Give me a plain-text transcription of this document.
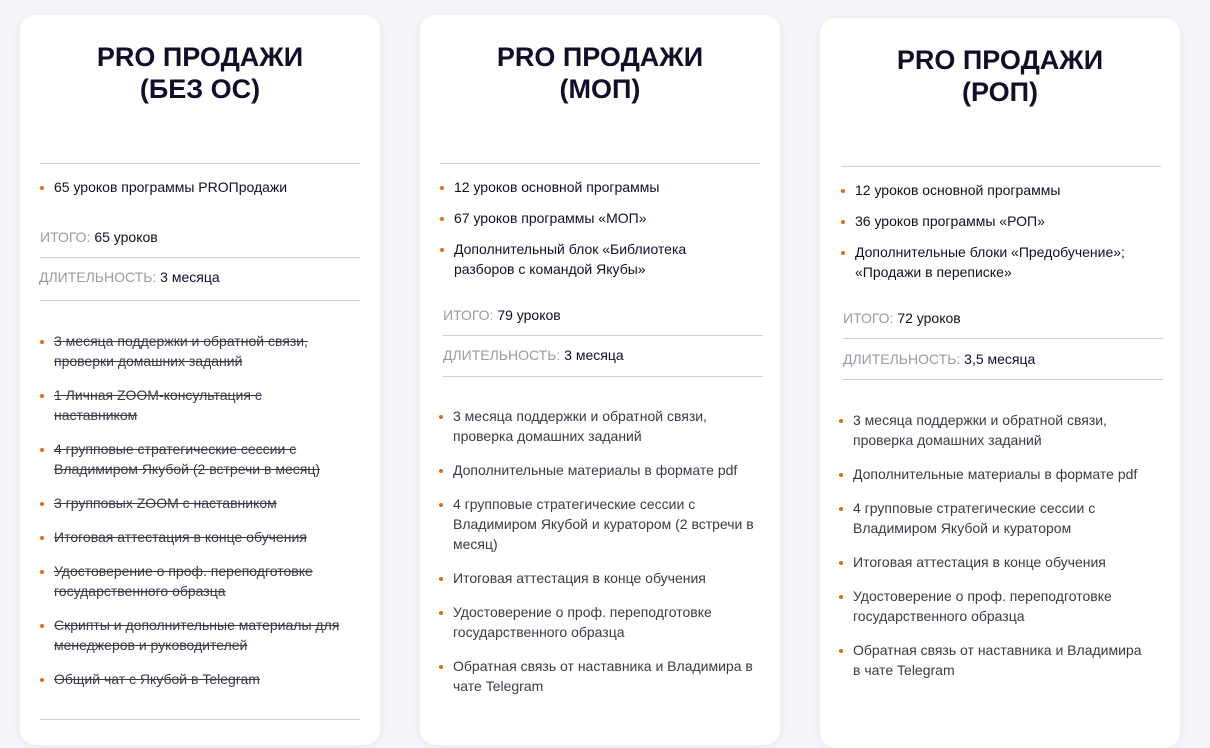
PRO ПРОДАЖИ
(БЕЗ ОС)
65 уроков программы PROПродажи
ИТОГО: 65 уроков
ДЛИТЕЛЬНОСТЬ: 3 месяца
3 месяца поддержки и обратной связи, проверки домашних заданий
1 Личная ZOOM-консультация с наставником
4 групповые стратегические сессии с Владимиром Якубой (2 встречи в месяц)
3 групповых ZOOM с наставником
Итоговая аттестация в конце обучения
Удостоверение о проф. переподготовке государственного образца
Скрипты и дополнительные материалы для менеджеров и руководителей
Общий чат с Якубой в Telegram
PRO ПРОДАЖИ
(МОП)
12 уроков основной программы
67 уроков программы «МОП»
Дополнительный блок «Библиотека разборов с командой Якубы»
ИТОГО: 79 уроков
ДЛИТЕЛЬНОСТЬ: 3 месяца
3 месяца поддержки и обратной связи, проверка домашних заданий
Дополнительные материалы в формате pdf
4 групповые стратегические сессии с Владимиром Якубой и куратором (2 встречи в месяц)
Итоговая аттестация в конце обучения
Удостоверение о проф. переподготовке государственного образца
Обратная связь от наставника и Владимира в чате Telegram
PRO ПРОДАЖИ
(РОП)
12 уроков основной программы
36 уроков программы «РОП»
Дополнительные блоки «Предобучение»; «Продажи в переписке»
ИТОГО: 72 уроков
ДЛИТЕЛЬНОСТЬ: 3,5 месяца
3 месяца поддержки и обратной связи, проверка домашних заданий
Дополнительные материалы в формате pdf
4 групповые стратегические сессии с Владимиром Якубой и куратором
Итоговая аттестация в конце обучения
Удостоверение о проф. переподготовке государственного образца
Обратная связь от наставника и Владимира в чате Telegram
